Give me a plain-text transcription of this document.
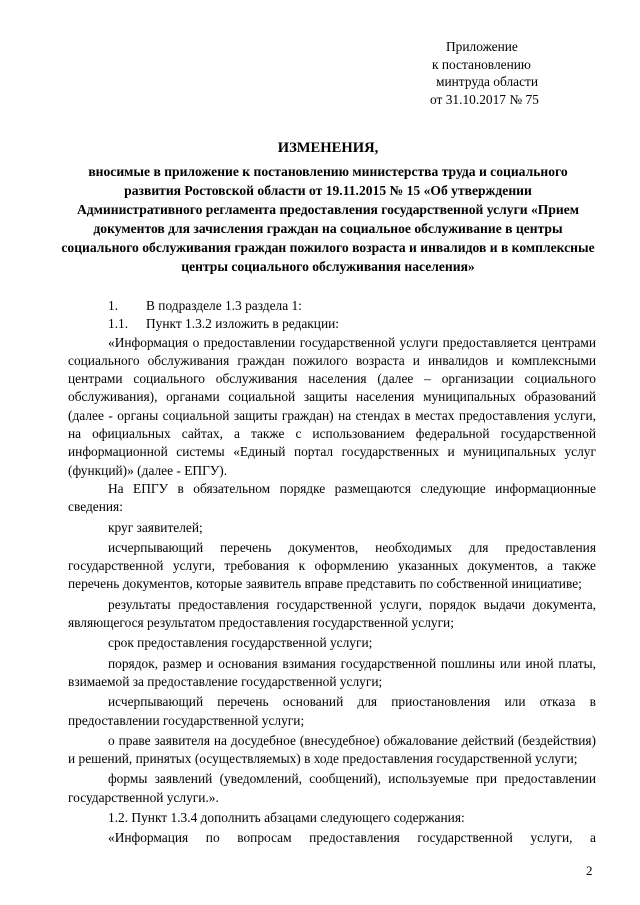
Приложение
к постановлению
минтруда области
от 31.10.2017 № 75
ИЗМЕНЕНИЯ,
вносимые в приложение к постановлению министерства труда и социального развития Ростовской области от 19.11.2015 № 15 «Об утверждении Административного регламента предоставления государственной услуги «Прием документов для зачисления граждан на социальное обслуживание в центры социального обслуживания граждан пожилого возраста и инвалидов и в комплексные центры социального обслуживания населения»

1. В подразделе 1.3 раздела 1:

1.1. Пункт 1.3.2 изложить в редакции:

«Информация о предоставлении государственной услуги предоставляется центрами социального обслуживания граждан пожилого возраста и инвалидов и комплексными центрами социального обслуживания населения (далее – организации социального обслуживания), органами социальной защиты населения муниципальных образований (далее - органы социальной защиты граждан) на стендах в местах предоставления услуги, на официальных сайтах, а также с использованием федеральной государственной информационной системы «Единый портал государственных и муниципальных услуг (функций)» (далее - ЕПГУ).

На ЕПГУ в обязательном порядке размещаются следующие информационные сведения:

круг заявителей;

исчерпывающий перечень документов, необходимых для предоставления государственной услуги, требования к оформлению указанных документов, а также перечень документов, которые заявитель вправе представить по собственной инициативе;

результаты предоставления государственной услуги, порядок выдачи документа, являющегося результатом предоставления государственной услуги;

срок предоставления государственной услуги;

порядок, размер и основания взимания государственной пошлины или иной платы, взимаемой за предоставление государственной услуги;

исчерпывающий перечень оснований для приостановления или отказа в предоставлении государственной услуги;

о праве заявителя на досудебное (внесудебное) обжалование действий (бездействия) и решений, принятых (осуществляемых) в ходе предоставления государственной услуги;

формы заявлений (уведомлений, сообщений), используемые при предоставлении государственной услуги.».

1.2. Пункт 1.3.4 дополнить абзацами следующего содержания:

«Информация по вопросам предоставления государственной услуги, а

2
